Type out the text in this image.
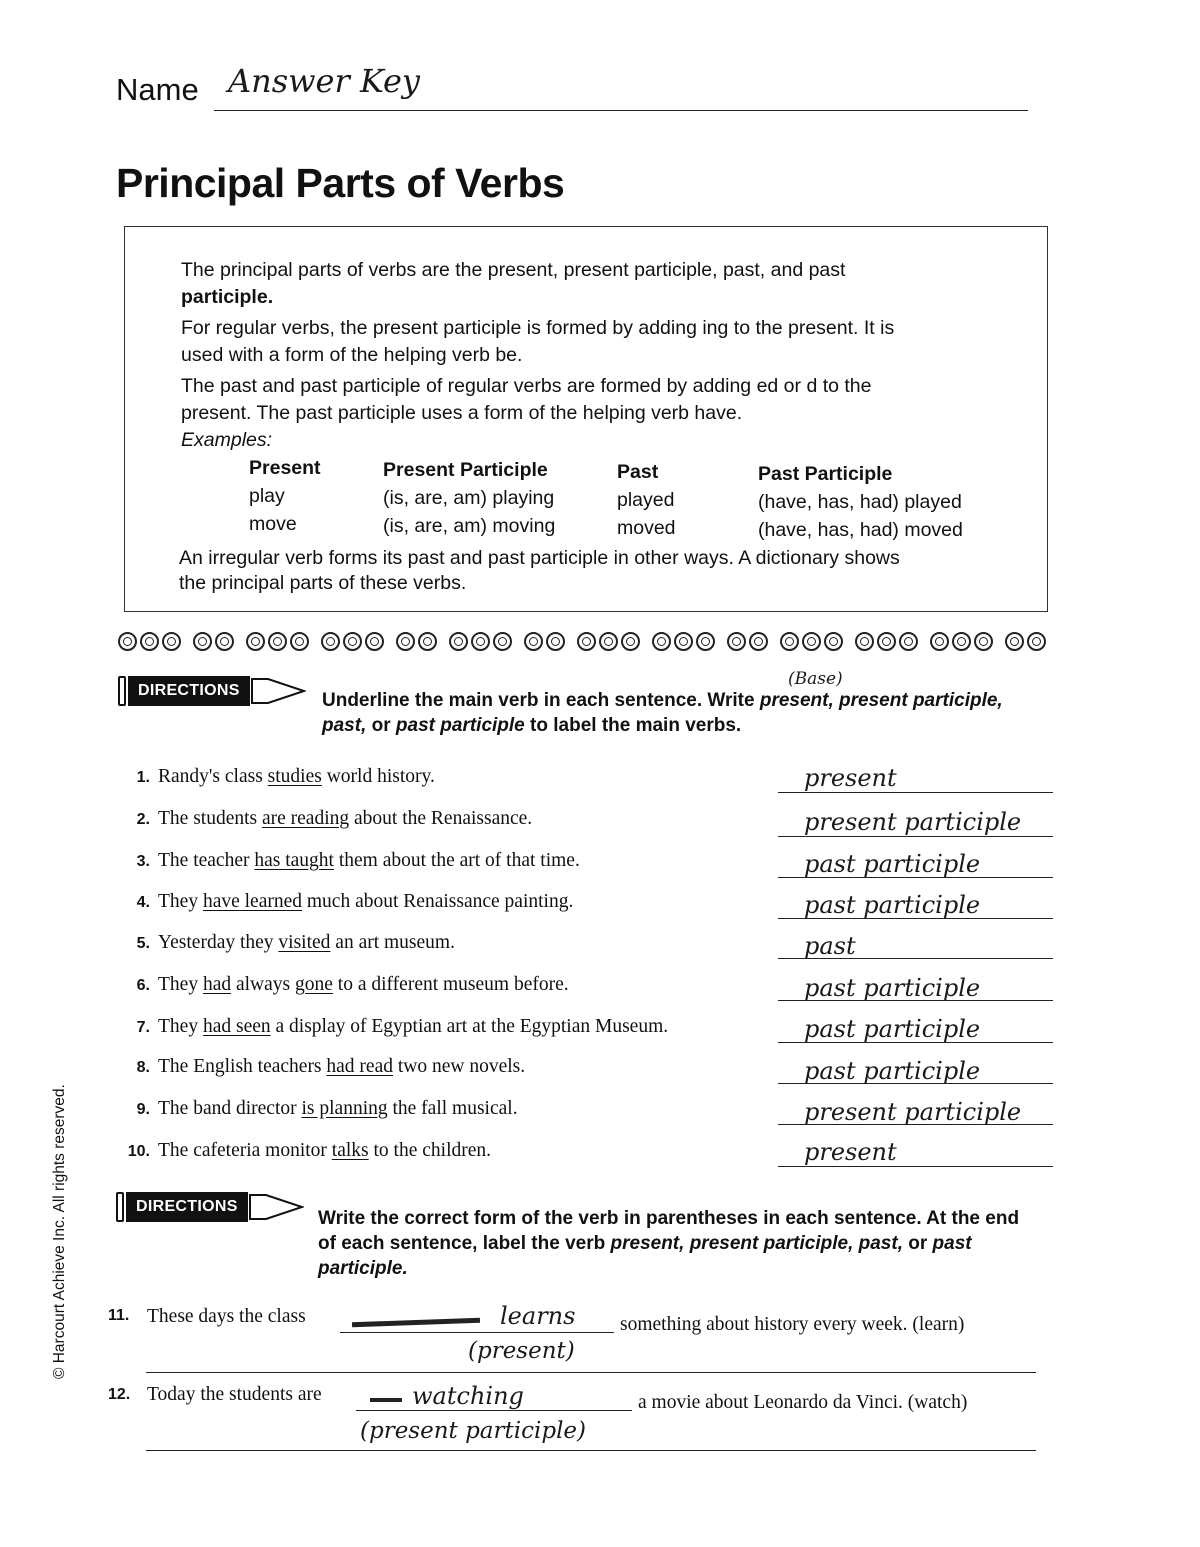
Name Answer Key
Principal Parts of Verbs
The principal parts of verbs are the present, present participle, past, and past
participle.
For regular verbs, the present participle is formed by adding ing to the present. It is
used with a form of the helping verb be.
The past and past participle of regular verbs are formed by adding ed or d to the
present. The past participle uses a form of the helping verb have.
Examples:
Present	Present Participle	Past	Past Participle
play	(is, are, am) playing	played	(have, has, had) played
move	(is, are, am) moving	moved	(have, has, had) moved
An irregular verb forms its past and past participle in other ways. A dictionary shows
the principal parts of these verbs.
DIRECTIONS
(Base)
Underline the main verb in each sentence. Write present, present participle,
past, or past participle to label the main verbs.
1. Randy's class studies world history.	present
2. The students are reading about the Renaissance.	present participle
3. The teacher has taught them about the art of that time.	past participle
4. They have learned much about Renaissance painting.	past participle
5. Yesterday they visited an art museum.	past
6. They had always gone to a different museum before.	past participle
7. They had seen a display of Egyptian art at the Egyptian Museum.	past participle
8. The English teachers had read two new novels.	past participle
9. The band director is planning the fall musical.	present participle
10. The cafeteria monitor talks to the children.	present
DIRECTIONS
Write the correct form of the verb in parentheses in each sentence. At the end
of each sentence, label the verb present, present participle, past, or past
participle.
11. These days the class	learns something about history every week. (learn)
(present)
12. Today the students are	watching	a movie about Leonardo da Vinci. (watch)
(present participle)
© Harcourt Achieve Inc. All rights reserved.
